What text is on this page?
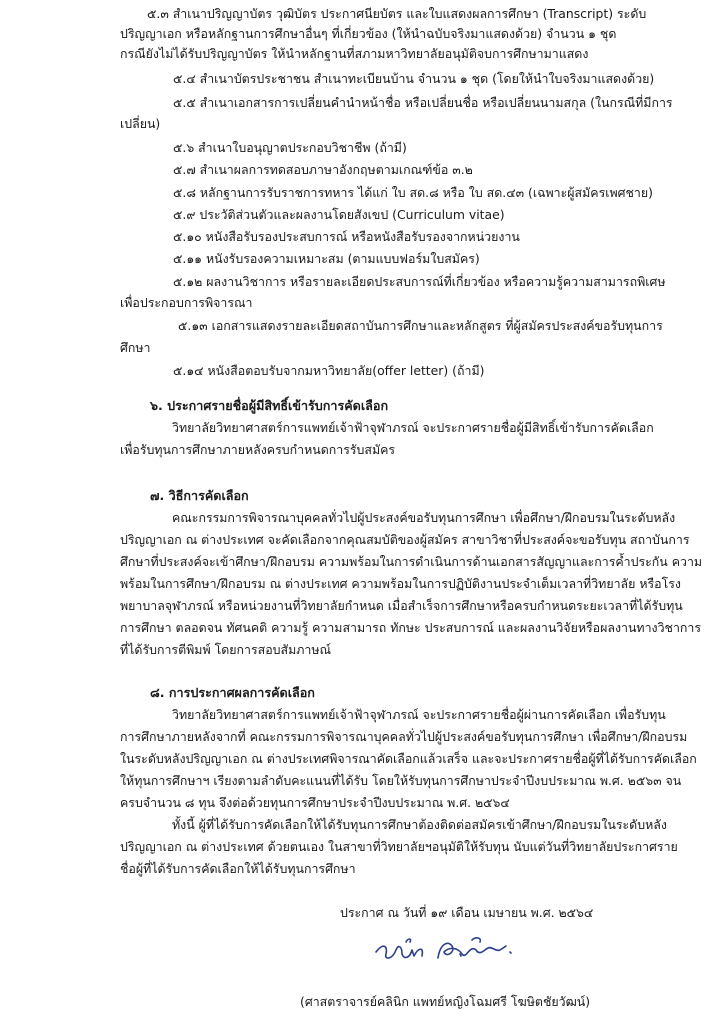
๕.๓ สำเนาปริญญาบัตร วุฒิบัตร ประกาศนียบัตร และใบแสดงผลการศึกษา (Transcript) ระดับ
ปริญญาเอก หรือหลักฐานการศึกษาอื่นๆ ที่เกี่ยวข้อง (ให้นำฉบับจริงมาแสดงด้วย) จำนวน ๑ ชุด
กรณียังไม่ได้รับปริญญาบัตร ให้นำหลักฐานที่สภามหาวิทยาลัยอนุมัติจบการศึกษามาแสดง
๕.๔ สำเนาบัตรประชาชน สำเนาทะเบียนบ้าน จำนวน ๑ ชุด (โดยให้นำใบจริงมาแสดงด้วย)
๕.๕ สำเนาเอกสารการเปลี่ยนคำนำหน้าชื่อ หรือเปลี่ยนชื่อ หรือเปลี่ยนนามสกุล (ในกรณีที่มีการ
เปลี่ยน)
๕.๖ สำเนาใบอนุญาตประกอบวิชาชีพ (ถ้ามี)
๕.๗ สำเนาผลการทดสอบภาษาอังกฤษตามเกณฑ์ข้อ ๓.๒
๕.๘ หลักฐานการรับราชการทหาร ได้แก่ ใบ สด.๘ หรือ ใบ สด.๔๓ (เฉพาะผู้สมัครเพศชาย)
๕.๙ ประวัติส่วนตัวและผลงานโดยสังเขป (Curriculum vitae)
๕.๑๐ หนังสือรับรองประสบการณ์ หรือหนังสือรับรองจากหน่วยงาน
๕.๑๑ หนังรับรองความเหมาะสม (ตามแบบฟอร์มใบสมัคร)
๕.๑๒ ผลงานวิชาการ หรือรายละเอียดประสบการณ์ที่เกี่ยวข้อง หรือความรู้ความสามารถพิเศษ
เพื่อประกอบการพิจารณา
๕.๑๓ เอกสารแสดงรายละเอียดสถาบันการศึกษาและหลักสูตร ที่ผู้สมัครประสงค์ขอรับทุนการ
ศึกษา
๕.๑๔ หนังสือตอบรับจากมหาวิทยาลัย(offer letter) (ถ้ามี)
๖. ประกาศรายชื่อผู้มีสิทธิ์เข้ารับการคัดเลือก
วิทยาลัยวิทยาศาสตร์การแพทย์เจ้าฟ้าจุฬาภรณ์ จะประกาศรายชื่อผู้มีสิทธิ์เข้ารับการคัดเลือก
เพื่อรับทุนการศึกษาภายหลังครบกำหนดการรับสมัคร
๗. วิธีการคัดเลือก
คณะกรรมการพิจารณาบุคคลทั่วไปผู้ประสงค์ขอรับทุนการศึกษา เพื่อศึกษา/ฝึกอบรมในระดับหลัง
ปริญญาเอก ณ ต่างประเทศ จะคัดเลือกจากคุณสมบัติของผู้สมัคร สาขาวิชาที่ประสงค์จะขอรับทุน สถาบันการ
ศึกษาที่ประสงค์จะเข้าศึกษา/ฝึกอบรม ความพร้อมในการดำเนินการด้านเอกสารสัญญาและการค้ำประกัน ความ
พร้อมในการศึกษา/ฝึกอบรม ณ ต่างประเทศ ความพร้อมในการปฏิบัติงานประจำเต็มเวลาที่วิทยาลัย หรือโรง
พยาบาลจุฬาภรณ์ หรือหน่วยงานที่วิทยาลัยกำหนด เมื่อสำเร็จการศึกษาหรือครบกำหนดระยะเวลาที่ได้รับทุน
การศึกษา ตลอดจน ทัศนคติ ความรู้ ความสามารถ ทักษะ ประสบการณ์ และผลงานวิจัยหรือผลงานทางวิชาการ
ที่ได้รับการตีพิมพ์ โดยการสอบสัมภาษณ์
๘. การประกาศผลการคัดเลือก
วิทยาลัยวิทยาศาสตร์การแพทย์เจ้าฟ้าจุฬาภรณ์ จะประกาศรายชื่อผู้ผ่านการคัดเลือก เพื่อรับทุน
การศึกษาภายหลังจากที่ คณะกรรมการพิจารณาบุคคลทั่วไปผู้ประสงค์ขอรับทุนการศึกษา เพื่อศึกษา/ฝึกอบรม
ในระดับหลังปริญญาเอก ณ ต่างประเทศพิจารณาคัดเลือกแล้วเสร็จ และจะประกาศรายชื่อผู้ที่ได้รับการคัดเลือก
ให้ทุนการศึกษาฯ เรียงตามลำดับคะแนนที่ได้รับ โดยให้รับทุนการศึกษาประจำปีงบประมาณ พ.ศ. ๒๕๖๓ จน
ครบจำนวน ๘ ทุน จึงต่อด้วยทุนการศึกษาประจำปีงบประมาณ พ.ศ. ๒๕๖๔
ทั้งนี้ ผู้ที่ได้รับการคัดเลือกให้ได้รับทุนการศึกษาต้องติดต่อสมัครเข้าศึกษา/ฝึกอบรมในระดับหลัง
ปริญญาเอก ณ ต่างประเทศ ด้วยตนเอง ในสาขาที่วิทยาลัยฯอนุมัติให้รับทุน นับแต่วันที่วิทยาลัยประกาศราย
ชื่อผู้ที่ได้รับการคัดเลือกให้ได้รับทุนการศึกษา
ประกาศ ณ วันที่ ๑๙ เดือน เมษายน พ.ศ. ๒๕๖๔
(ศาสตราจารย์คลินิก แพทย์หญิงโฉมศรี โฆษิตชัยวัฒน์)
